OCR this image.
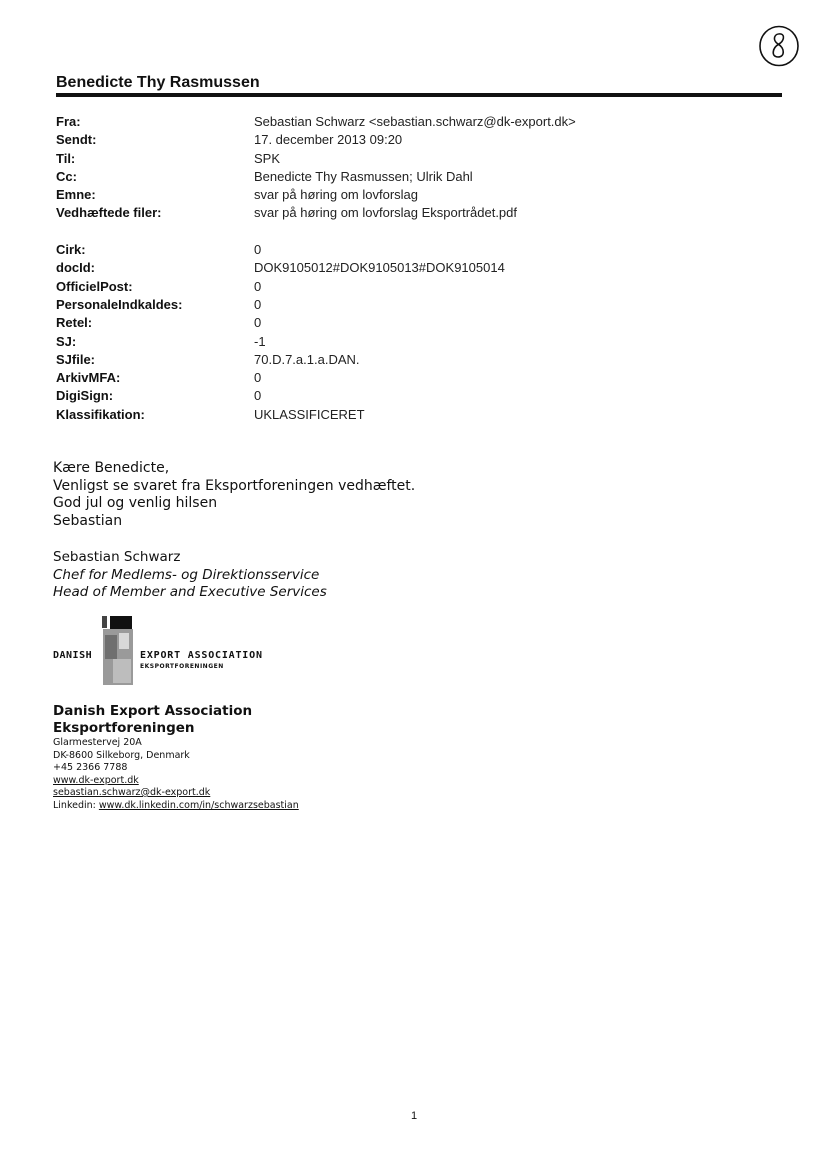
Benedicte Thy Rasmussen
Fra:	Sebastian Schwarz <sebastian.schwarz@dk-export.dk>
Sendt:	17. december 2013 09:20
Til:	SPK
Cc:	Benedicte Thy Rasmussen; Ulrik Dahl
Emne:	svar på høring om lovforslag
Vedhæftede filer:	svar på høring om lovforslag Eksportrådet.pdf
Cirk:	0
docId:	DOK9105012#DOK9105013#DOK9105014
OfficielPost:	0
PersonaleIndkaldes:	0
Retel:	0
SJ:	-1
SJfile:	70.D.7.a.1.a.DAN.
ArkivMFA:	0
DigiSign:	0
Klassifikation:	UKLASSIFICERET
Kære Benedicte,
Venligst se svaret fra Eksportforeningen vedhæftet.
God jul og venlig hilsen
Sebastian
Sebastian Schwarz
Chef for Medlems- og Direktionsservice
Head of Member and Executive Services
DANISH	EXPORT ASSOCIATION
EKSPORTFORENINGEN
Danish Export Association
Eksportforeningen
Glarmestervej 20A
DK-8600 Silkeborg, Denmark
+45 2366 7788
www.dk-export.dk
sebastian.schwarz@dk-export.dk
Linkedin: www.dk.linkedin.com/in/schwarzsebastian
1
